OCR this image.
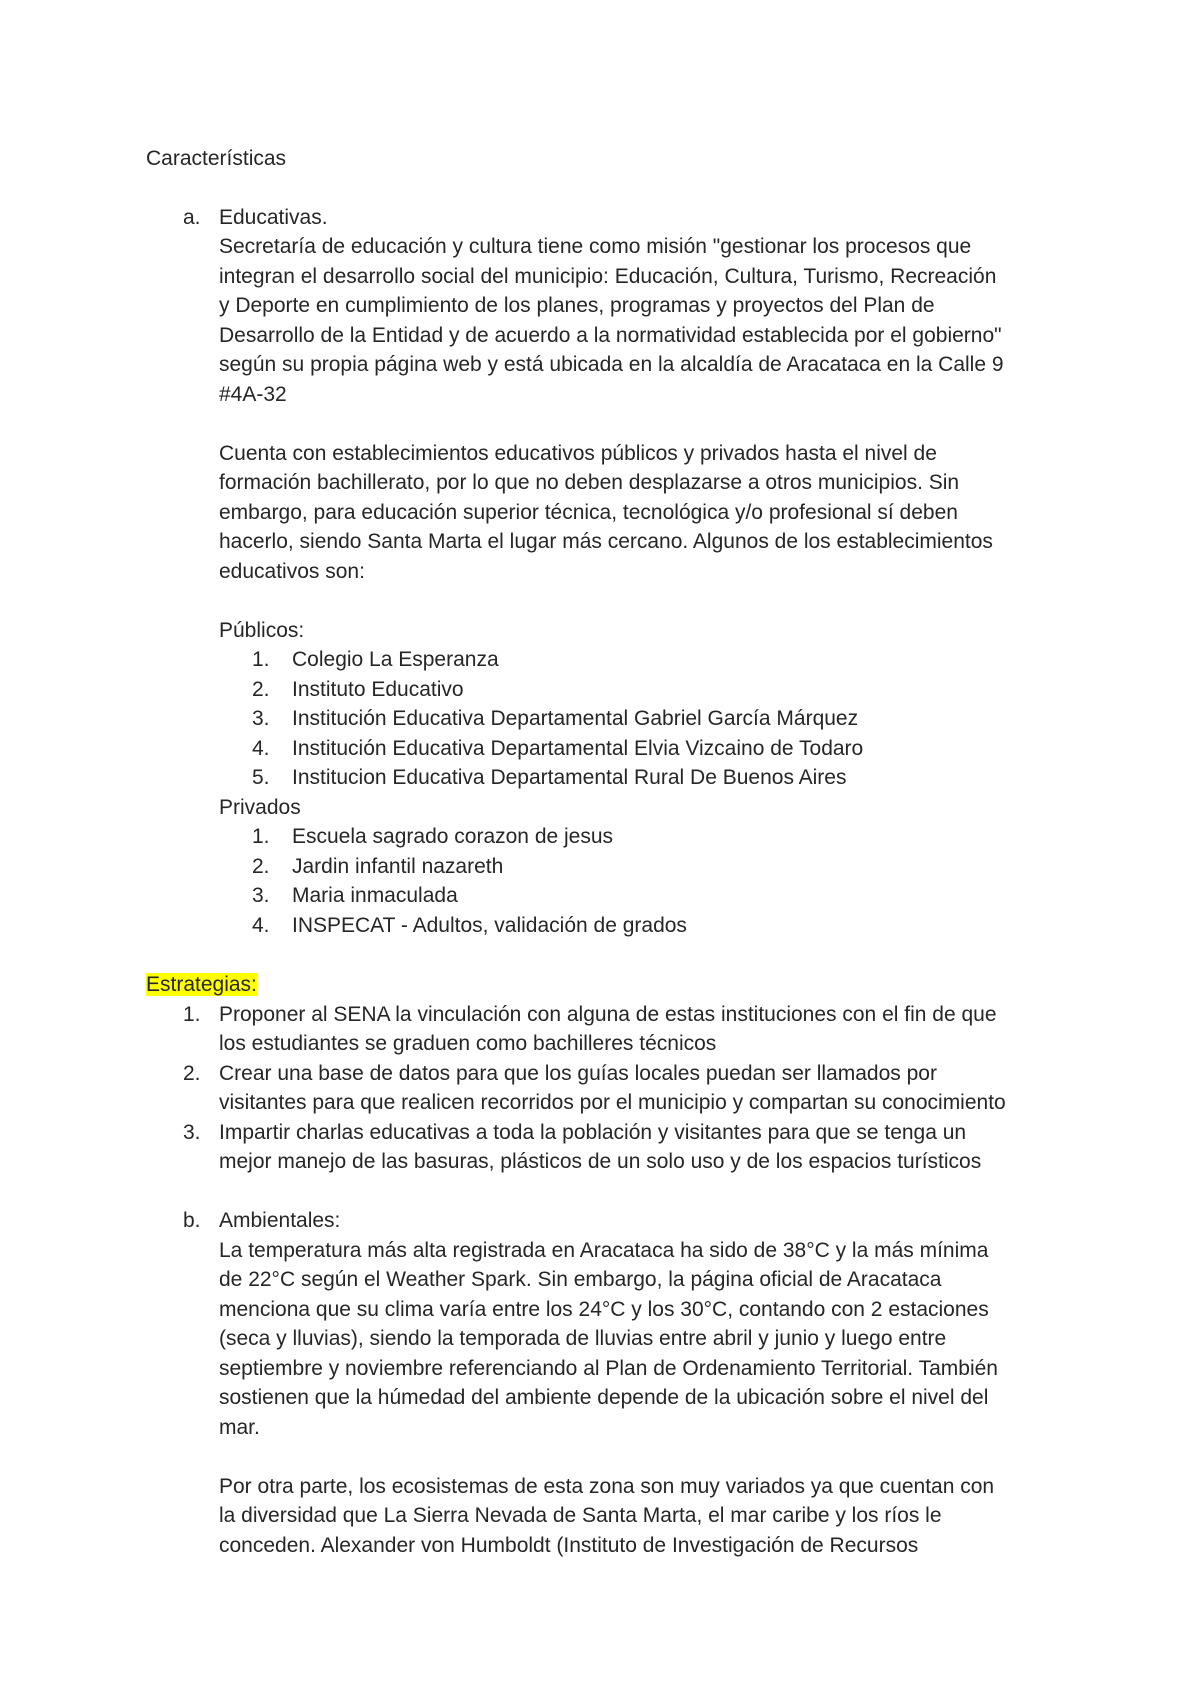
Características
a. Educativas.
Secretaría de educación y cultura tiene como misión "gestionar los procesos que
integran el desarrollo social del municipio: Educación, Cultura, Turismo, Recreación
y Deporte en cumplimiento de los planes, programas y proyectos del Plan de
Desarrollo de la Entidad y de acuerdo a la normatividad establecida por el gobierno"
según su propia página web y está ubicada en la alcaldía de Aracataca en la Calle 9
#4A-32
Cuenta con establecimientos educativos públicos y privados hasta el nivel de
formación bachillerato, por lo que no deben desplazarse a otros municipios. Sin
embargo, para educación superior técnica, tecnológica y/o profesional sí deben
hacerlo, siendo Santa Marta el lugar más cercano. Algunos de los establecimientos
educativos son:
Públicos:
1. Colegio La Esperanza
2. Instituto Educativo
3. Institución Educativa Departamental Gabriel García Márquez
4. Institución Educativa Departamental Elvia Vizcaino de Todaro
5. Institucion Educativa Departamental Rural De Buenos Aires
Privados
1. Escuela sagrado corazon de jesus
2. Jardin infantil nazareth
3. Maria inmaculada
4. INSPECAT - Adultos, validación de grados
Estrategias:
1. Proponer al SENA la vinculación con alguna de estas instituciones con el fin de que
los estudiantes se graduen como bachilleres técnicos
2. Crear una base de datos para que los guías locales puedan ser llamados por
visitantes para que realicen recorridos por el municipio y compartan su conocimiento
3. Impartir charlas educativas a toda la población y visitantes para que se tenga un
mejor manejo de las basuras, plásticos de un solo uso y de los espacios turísticos
b. Ambientales:
La temperatura más alta registrada en Aracataca ha sido de 38°C y la más mínima
de 22°C según el Weather Spark. Sin embargo, la página oficial de Aracataca
menciona que su clima varía entre los 24°C y los 30°C, contando con 2 estaciones
(seca y lluvias), siendo la temporada de lluvias entre abril y junio y luego entre
septiembre y noviembre referenciando al Plan de Ordenamiento Territorial. También
sostienen que la húmedad del ambiente depende de la ubicación sobre el nivel del
mar.
Por otra parte, los ecosistemas de esta zona son muy variados ya que cuentan con
la diversidad que La Sierra Nevada de Santa Marta, el mar caribe y los ríos le
conceden. Alexander von Humboldt (Instituto de Investigación de Recursos
